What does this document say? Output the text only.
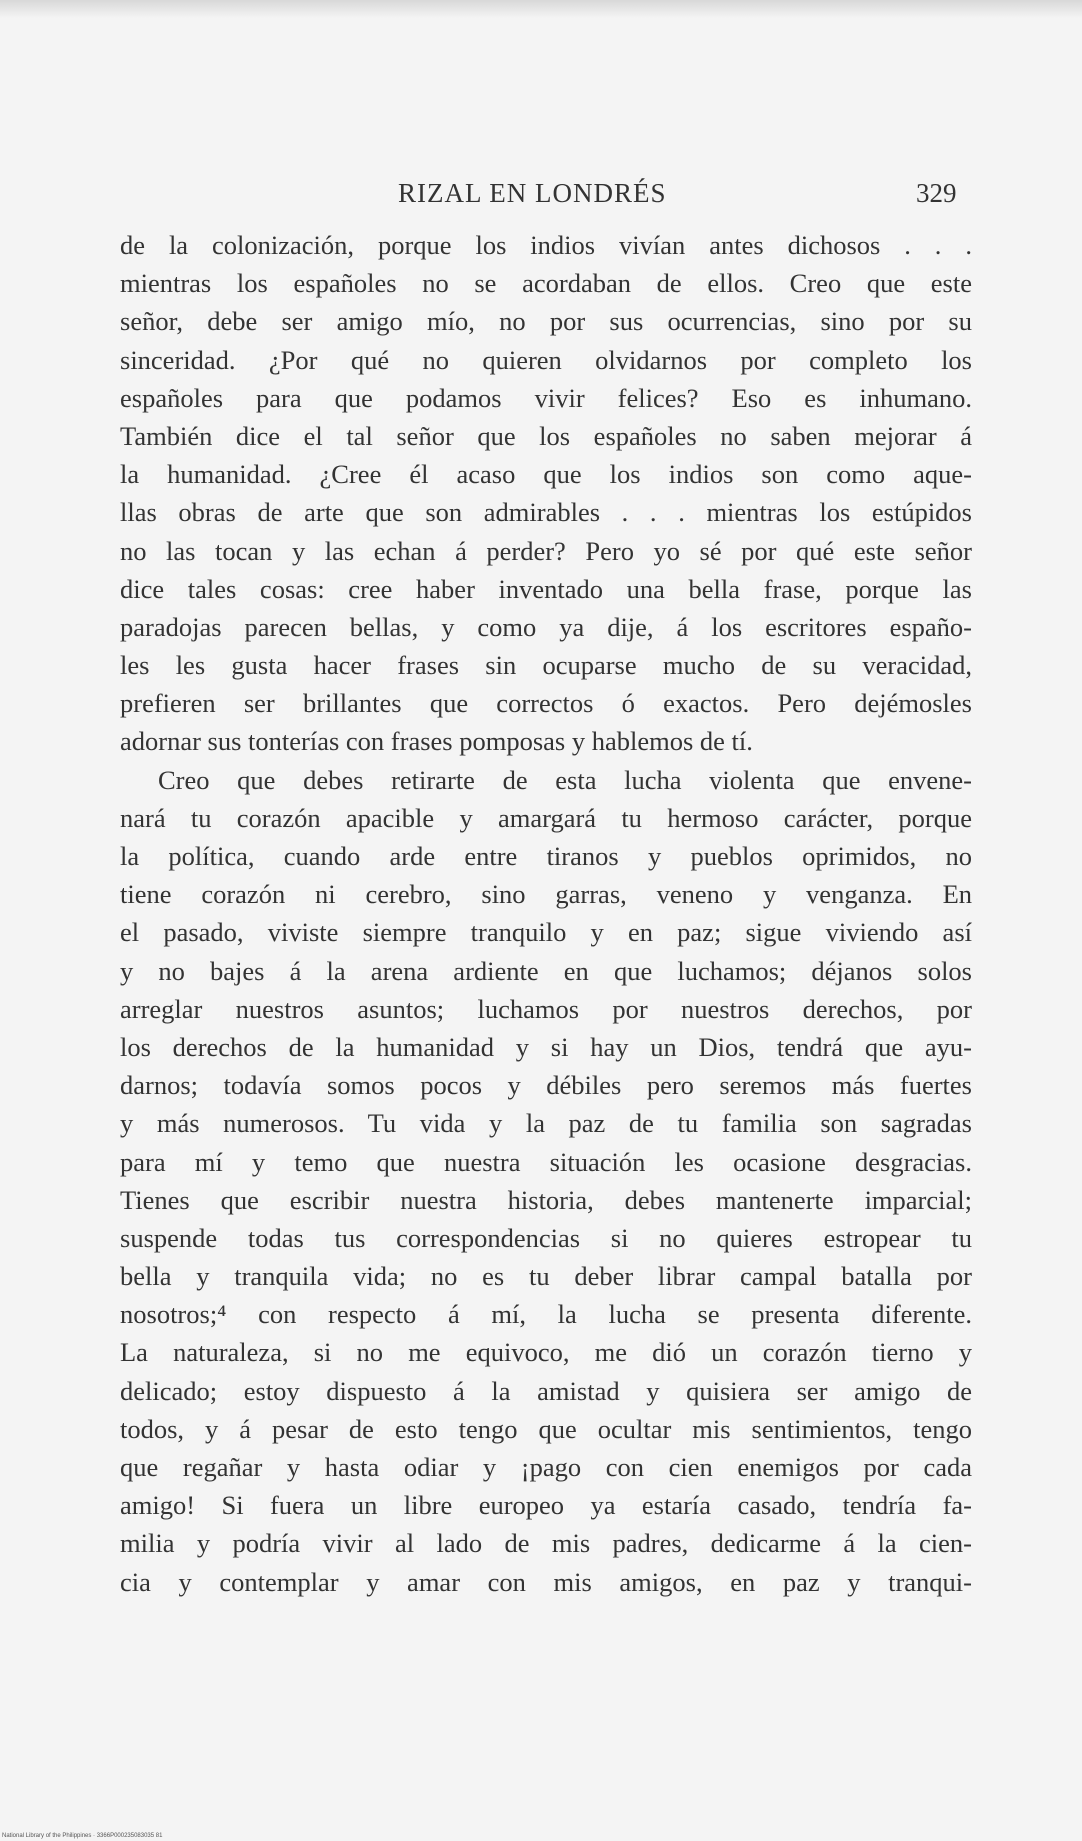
RIZAL EN LONDRÉS	329
de la colonización, porque los indios vivían antes dichosos . . .
mientras los españoles no se acordaban de ellos. Creo que este
señor, debe ser amigo mío, no por sus ocurrencias, sino por su
sinceridad. ¿Por qué no quieren olvidarnos por completo los
españoles para que podamos vivir felices? Eso es inhumano.
También dice el tal señor que los españoles no saben mejorar á
la humanidad. ¿Cree él acaso que los indios son como aque-
llas obras de arte que son admirables . . . mientras los estúpidos
no las tocan y las echan á perder? Pero yo sé por qué este señor
dice tales cosas: cree haber inventado una bella frase, porque las
paradojas parecen bellas, y como ya dije, á los escritores españo-
les les gusta hacer frases sin ocuparse mucho de su veracidad,
prefieren ser brillantes que correctos ó exactos. Pero dejémosles
adornar sus tonterías con frases pomposas y hablemos de tí.
Creo que debes retirarte de esta lucha violenta que envene-
nará tu corazón apacible y amargará tu hermoso carácter, porque
la política, cuando arde entre tiranos y pueblos oprimidos, no
tiene corazón ni cerebro, sino garras, veneno y venganza. En
el pasado, viviste siempre tranquilo y en paz; sigue viviendo así
y no bajes á la arena ardiente en que luchamos; déjanos solos
arreglar nuestros asuntos; luchamos por nuestros derechos, por
los derechos de la humanidad y si hay un Dios, tendrá que ayu-
darnos; todavía somos pocos y débiles pero seremos más fuertes
y más numerosos. Tu vida y la paz de tu familia son sagradas
para mí y temo que nuestra situación les ocasione desgracias.
Tienes que escribir nuestra historia, debes mantenerte imparcial;
suspende todas tus correspondencias si no quieres estropear tu
bella y tranquila vida; no es tu deber librar campal batalla por
nosotros;⁴ con respecto á mí, la lucha se presenta diferente.
La naturaleza, si no me equivoco, me dió un corazón tierno y
delicado; estoy dispuesto á la amistad y quisiera ser amigo de
todos, y á pesar de esto tengo que ocultar mis sentimientos, tengo
que regañar y hasta odiar y ¡pago con cien enemigos por cada
amigo! Si fuera un libre europeo ya estaría casado, tendría fa-
milia y podría vivir al lado de mis padres, dedicarme á la cien-
cia y contemplar y amar con mis amigos, en paz y tranqui-
National Library of the Philippines · 3366P000235083035 81
